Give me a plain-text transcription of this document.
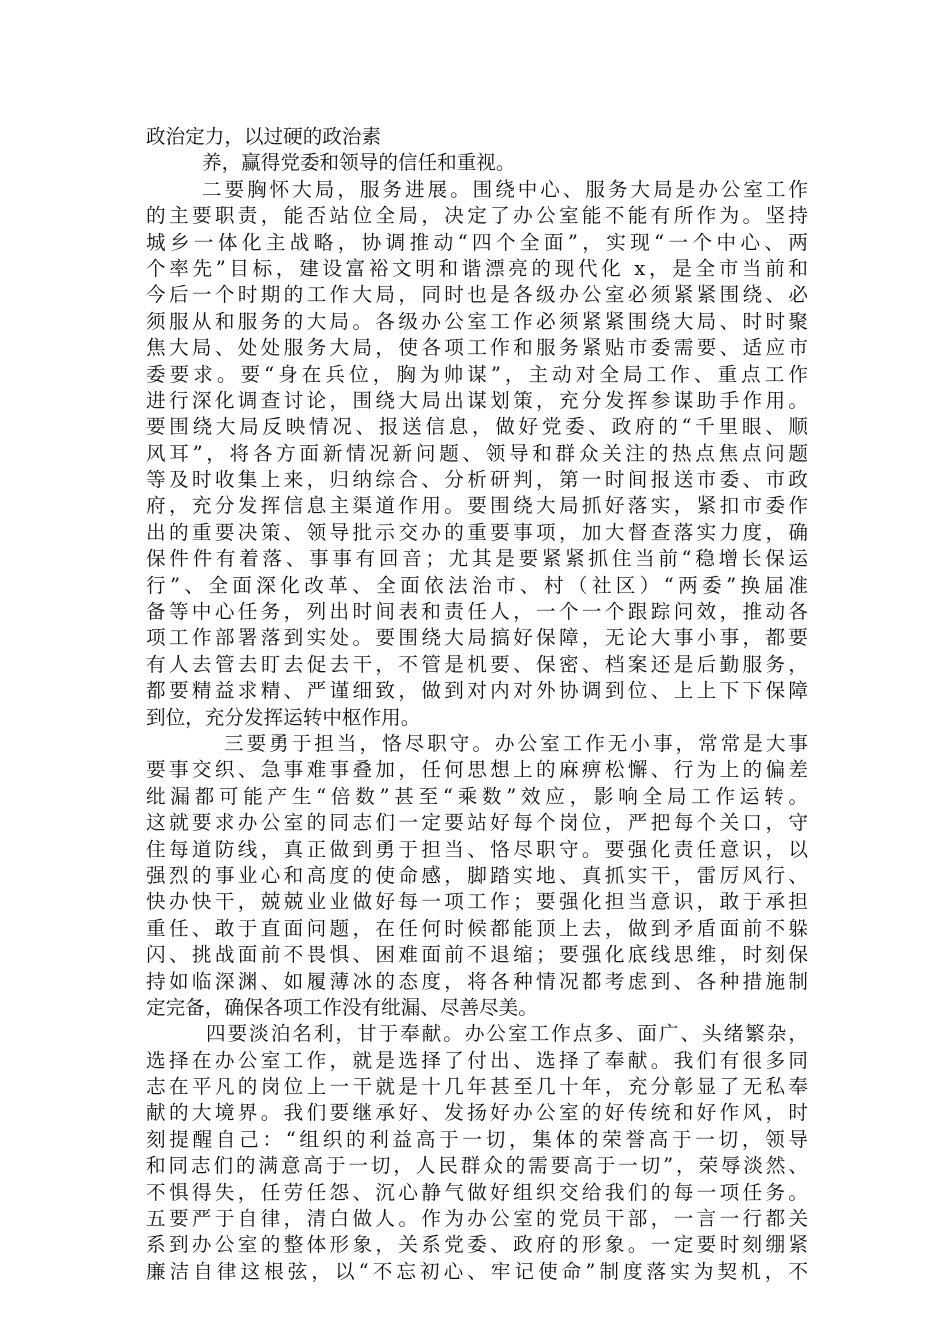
政治定力，以过硬的政治素
养，赢得党委和领导的信任和重视。
二要胸怀大局，服务进展。围绕中心、服务大局是办公室工作
的主要职责，能否站位全局，决定了办公室能不能有所作为。坚持
城乡一体化主战略，协调推动“四个全面”，实现“一个中心、两
个率先”目标，建设富裕文明和谐漂亮的现代化 x，是全市当前和
今后一个时期的工作大局，同时也是各级办公室必须紧紧围绕、必
须服从和服务的大局。各级办公室工作必须紧紧围绕大局、时时聚
焦大局、处处服务大局，使各项工作和服务紧贴市委需要、适应市
委要求。要“身在兵位，胸为帅谋”，主动对全局工作、重点工作
进行深化调查讨论，围绕大局出谋划策，充分发挥参谋助手作用。
要围绕大局反映情况、报送信息，做好党委、政府的“千里眼、顺
风耳”，将各方面新情况新问题、领导和群众关注的热点焦点问题
等及时收集上来，归纳综合、分析研判，第一时间报送市委、市政
府，充分发挥信息主渠道作用。要围绕大局抓好落实，紧扣市委作
出的重要决策、领导批示交办的重要事项，加大督查落实力度，确
保件件有着落、事事有回音；尤其是要紧紧抓住当前“稳增长保运
行”、全面深化改革、全面依法治市、村（社区）“两委”换届准
备等中心任务，列出时间表和责任人，一个一个跟踪问效，推动各
项工作部署落到实处。要围绕大局搞好保障，无论大事小事，都要
有人去管去盯去促去干，不管是机要、保密、档案还是后勤服务，
都要精益求精、严谨细致，做到对内对外协调到位、上上下下保障
到位，充分发挥运转中枢作用。
三要勇于担当，恪尽职守。办公室工作无小事，常常是大事
要事交织、急事难事叠加，任何思想上的麻痹松懈、行为上的偏差
纰漏都可能产生“倍数”甚至“乘数”效应，影响全局工作运转。
这就要求办公室的同志们一定要站好每个岗位，严把每个关口，守
住每道防线，真正做到勇于担当、恪尽职守。要强化责任意识，以
强烈的事业心和高度的使命感，脚踏实地、真抓实干，雷厉风行、
快办快干，兢兢业业做好每一项工作；要强化担当意识，敢于承担
重任、敢于直面问题，在任何时候都能顶上去，做到矛盾面前不躲
闪、挑战面前不畏惧、困难面前不退缩；要强化底线思维，时刻保
持如临深渊、如履薄冰的态度，将各种情况都考虑到、各种措施制
定完备，确保各项工作没有纰漏、尽善尽美。
四要淡泊名利，甘于奉献。办公室工作点多、面广、头绪繁杂，
选择在办公室工作，就是选择了付出、选择了奉献。我们有很多同
志在平凡的岗位上一干就是十几年甚至几十年，充分彰显了无私奉
献的大境界。我们要继承好、发扬好办公室的好传统和好作风，时
刻提醒自己：“组织的利益高于一切，集体的荣誉高于一切，领导
和同志们的满意高于一切，人民群众的需要高于一切”，荣辱淡然、
不惧得失，任劳任怨、沉心静气做好组织交给我们的每一项任务。
五要严于自律，清白做人。作为办公室的党员干部，一言一行都关
系到办公室的整体形象，关系党委、政府的形象。一定要时刻绷紧
廉洁自律这根弦，以“不忘初心、牢记使命”制度落实为契机，不
